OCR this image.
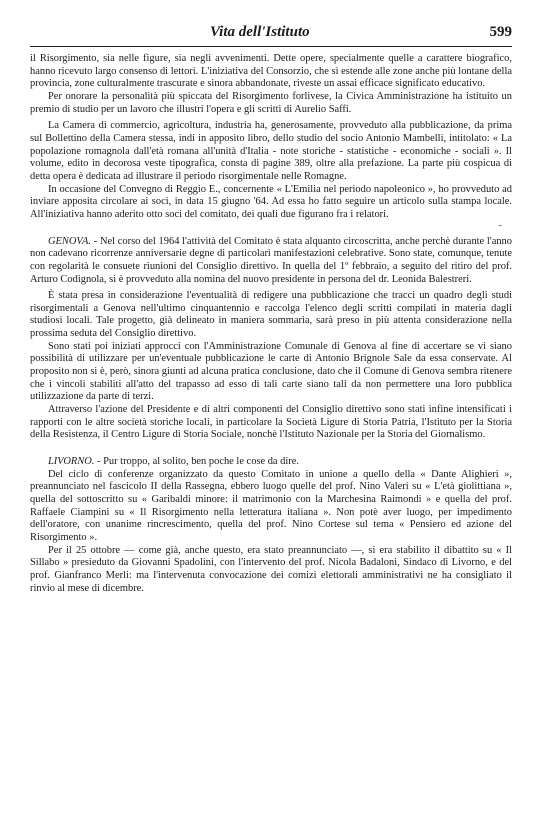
Vita dell'Istituto	599

il Risorgimento, sia nelle figure, sia negli avvenimenti. Dette opere, specialmente quelle a carattere biografico, hanno ricevuto largo consenso di lettori. L'iniziativa del Consorzio, che si estende alle zone anche più lontane della provincia, zone culturalmente trascurate e sinora abbandonate, riveste un assai efficace significato educativo.

Per onorare la personalità più spiccata del Risorgimento forlivese, la Civica Amministrazione ha istituito un premio di studio per un lavoro che illustri l'opera e gli scritti di Aurelio Saffi.

La Camera di commercio, agricoltura, industria ha, generosamente, provveduto alla pubblicazione, da prima sul Bollettino della Camera stessa, indi in apposito libro, dello studio del socio Antonio Mambelli, intitolato: « La popolazione romagnola dall'età romana all'unità d'Italia - note storiche - statistiche - economiche - sociali ». Il volume, edito in decorosa veste tipografica, consta di pagine 389, oltre alla prefazione. La parte più cospicua di detta opera è dedicata ad illustrare il periodo risorgimentale nelle Romagne.

In occasione del Convegno di Reggio E., concernente « L'Emilia nel periodo napoleonico », ho provveduto ad inviare apposita circolare ai soci, in data 15 giugno '64. Ad essa ho fatto seguire un articolo sulla stampa locale. All'iniziativa hanno aderito otto soci del comitato, dei quali due figurano fra i relatori.

-

GENOVA. - Nel corso del 1964 l'attività del Comitato è stata alquanto circoscritta, anche perchè durante l'anno non cadevano ricorrenze anniversarie degne di particolari manifestazioni celebrative. Sono state, comunque, tenute con regolarità le consuete riunioni del Consiglio direttivo. In quella del 1º febbraio, a seguito del ritiro del prof. Arturo Codignola, si è provveduto alla nomina del nuovo presidente in persona del dr. Leonida Balestreri.

È stata presa in considerazione l'eventualità di redigere una pubblicazione che tracci un quadro degli studi risorgimentali a Genova nell'ultimo cinquantennio e raccolga l'elenco degli scritti compilati in materia dagli studiosi locali. Tale progetto, già delineato in maniera sommaria, sarà preso in più attenta considerazione nella prossima seduta del Consiglio direttivo.

Sono stati poi iniziati approcci con l'Amministrazione Comunale di Genova al fine di accertare se vi siano possibilità di utilizzare per un'eventuale pubblicazione le carte di Antonio Brignole Sale da essa conservate. Al proposito non si è, però, sinora giunti ad alcuna pratica conclusione, dato che il Comune di Genova sembra ritenere che i vincoli stabiliti all'atto del trapasso ad esso di tali carte siano tali da non permettere una loro pubblica utilizzazione da parte di terzi.

Attraverso l'azione del Presidente e di altri componenti del Consiglio direttivo sono stati infine intensificati i rapporti con le altre società storiche locali, in particolare la Società Ligure di Storia Patria, l'Istituto per la Storia della Resistenza, il Centro Ligure di Storia Sociale, nonchè l'Istituto Nazionale per la Storia del Giornalismo.

LIVORNO. - Pur troppo, al solito, ben poche le cose da dire.

Del ciclo di conferenze organizzato da questo Comitato in unione a quello della « Dante Alighieri », preannunciato nel fascicolo II della Rassegna, ebbero luogo quelle del prof. Nino Valeri su « L'età giolittiana », quella del sottoscritto su « Garibaldi minore: il matrimonio con la Marchesina Raimondi » e quella del prof. Raffaele Ciampini su « Il Risorgimento nella letteratura italiana ». Non potè aver luogo, per impedimento dell'oratore, con unanime rincrescimento, quella del prof. Nino Cortese sul tema « Pensiero ed azione del Risorgimento ».

Per il 25 ottobre — come già, anche questo, era stato preannunciato —, si era stabilito il dibattito su « Il Sillabo » presieduto da Giovanni Spadolini, con l'intervento del prof. Nicola Badaloni, Sindaco di Livorno, e del prof. Gianfranco Merli: ma l'intervenuta convocazione dei comizi elettorali amministrativi ne ha consigliato il rinvio al mese di dicembre.
